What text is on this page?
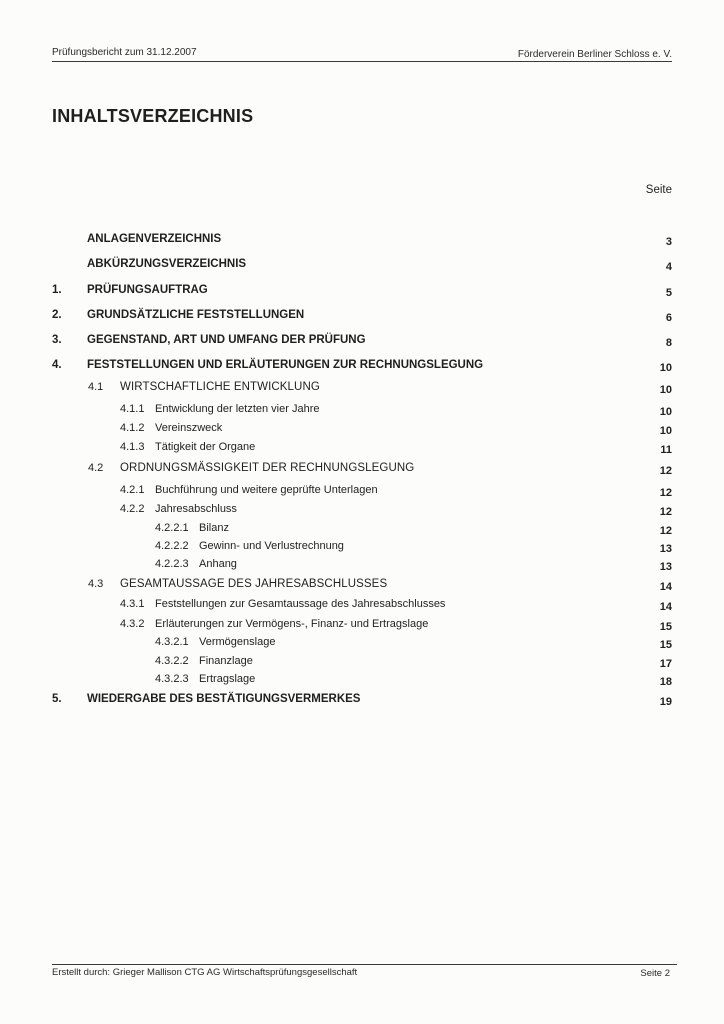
Prüfungsbericht zum 31.12.2007	Förderverein Berliner Schloss e. V.
INHALTSVERZEICHNIS
Seite
ANLAGENVERZEICHNIS	3
ABKÜRZUNGSVERZEICHNIS	4
1. PRÜFUNGSAUFTRAG	5
2. GRUNDSÄTZLICHE FESTSTELLUNGEN	6
3. GEGENSTAND, ART UND UMFANG DER PRÜFUNG	8
4. FESTSTELLUNGEN UND ERLÄUTERUNGEN ZUR RECHNUNGSLEGUNG	10
4.1 WIRTSCHAFTLICHE ENTWICKLUNG	10
4.1.1 Entwicklung der letzten vier Jahre	10
4.1.2 Vereinszweck	10
4.1.3 Tätigkeit der Organe	11
4.2 ORDNUNGSMÄSSIGKEIT DER RECHNUNGSLEGUNG	12
4.2.1 Buchführung und weitere geprüfte Unterlagen	12
4.2.2 Jahresabschluss	12
4.2.2.1 Bilanz	12
4.2.2.2 Gewinn- und Verlustrechnung	13
4.2.2.3 Anhang	13
4.3 GESAMTAUSSAGE DES JAHRESABSCHLUSSES	14
4.3.1 Feststellungen zur Gesamtaussage des Jahresabschlusses	14
4.3.2 Erläuterungen zur Vermögens-, Finanz- und Ertragslage	15
4.3.2.1 Vermögenslage	15
4.3.2.2 Finanzlage	17
4.3.2.3 Ertragslage	18
5. WIEDERGABE DES BESTÄTIGUNGSVERMERKES	19
Erstellt durch: Grieger Mallison CTG AG Wirtschaftsprüfungsgesellschaft	Seite 2
